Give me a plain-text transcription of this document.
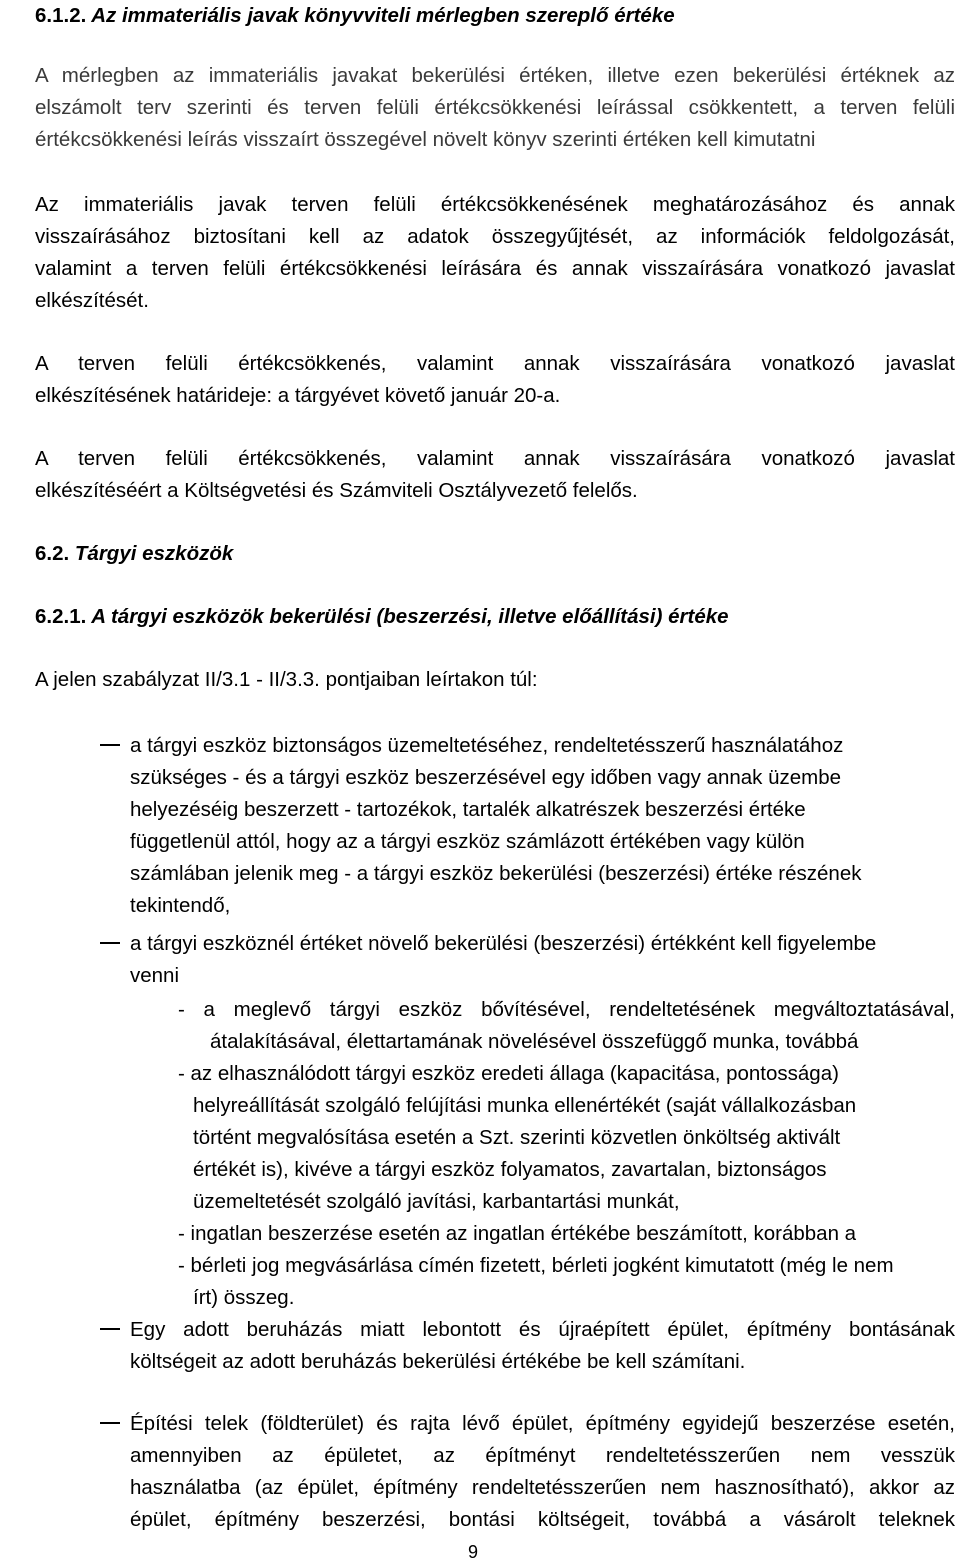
6.1.2. Az immateriális javak könyvviteli mérlegben szereplő értéke
A mérlegben az immateriális javakat bekerülési értéken, illetve ezen bekerülési értéknek az
elszámolt terv szerinti és terven felüli értékcsökkenési leírással csökkentett, a terven felüli
értékcsökkenési leírás visszaírt összegével növelt könyv szerinti értéken kell kimutatni
Az immateriális javak terven felüli értékcsökkenésének meghatározásához és annak
visszaírásához biztosítani kell az adatok összegyűjtését, az információk feldolgozását,
valamint a terven felüli értékcsökkenési leírására és annak visszaírására vonatkozó javaslat
elkészítését.
A terven felüli értékcsökkenés, valamint annak visszaírására vonatkozó javaslat
elkészítésének határideje: a tárgyévet követő január 20-a.
A terven felüli értékcsökkenés, valamint annak visszaírására vonatkozó javaslat
elkészítéséért a Költségvetési és Számviteli Osztályvezető felelős.
6.2. Tárgyi eszközök
6.2.1. A tárgyi eszközök bekerülési (beszerzési, illetve előállítási) értéke
A jelen szabályzat II/3.1 - II/3.3. pontjaiban leírtakon túl:
a tárgyi eszköz biztonságos üzemeltetéséhez, rendeltetésszerű használatához
szükséges - és a tárgyi eszköz beszerzésével egy időben vagy annak üzembe
helyezéséig beszerzett - tartozékok, tartalék alkatrészek beszerzési értéke
függetlenül attól, hogy az a tárgyi eszköz számlázott értékében vagy külön
számlában jelenik meg - a tárgyi eszköz bekerülési (beszerzési) értéke részének
tekintendő,
a tárgyi eszköznél értéket növelő bekerülési (beszerzési) értékként kell figyelembe
venni
- a meglevő tárgyi eszköz bővítésével, rendeltetésének megváltoztatásával,
átalakításával, élettartamának növelésével összefüggő munka, továbbá
- az elhasználódott tárgyi eszköz eredeti állaga (kapacitása, pontossága)
helyreállítását szolgáló felújítási munka ellenértékét (saját vállalkozásban
történt megvalósítása esetén a Szt. szerinti közvetlen önköltség aktivált
értékét is), kivéve a tárgyi eszköz folyamatos, zavartalan, biztonságos
üzemeltetését szolgáló javítási, karbantartási munkát,
- ingatlan beszerzése esetén az ingatlan értékébe beszámított, korábban a
- bérleti jog megvásárlása címén fizetett, bérleti jogként kimutatott (még le nem
írt) összeg.
Egy adott beruházás miatt lebontott és újraépített épület, építmény bontásának
költségeit az adott beruházás bekerülési értékébe be kell számítani.
Építési telek (földterület) és rajta lévő épület, építmény egyidejű beszerzése esetén,
amennyiben az épületet, az építményt rendeltetésszerűen nem vesszük
használatba (az épület, építmény rendeltetésszerűen nem hasznosítható), akkor az
épület, építmény beszerzési, bontási költségeit, továbbá a vásárolt teleknek
9
